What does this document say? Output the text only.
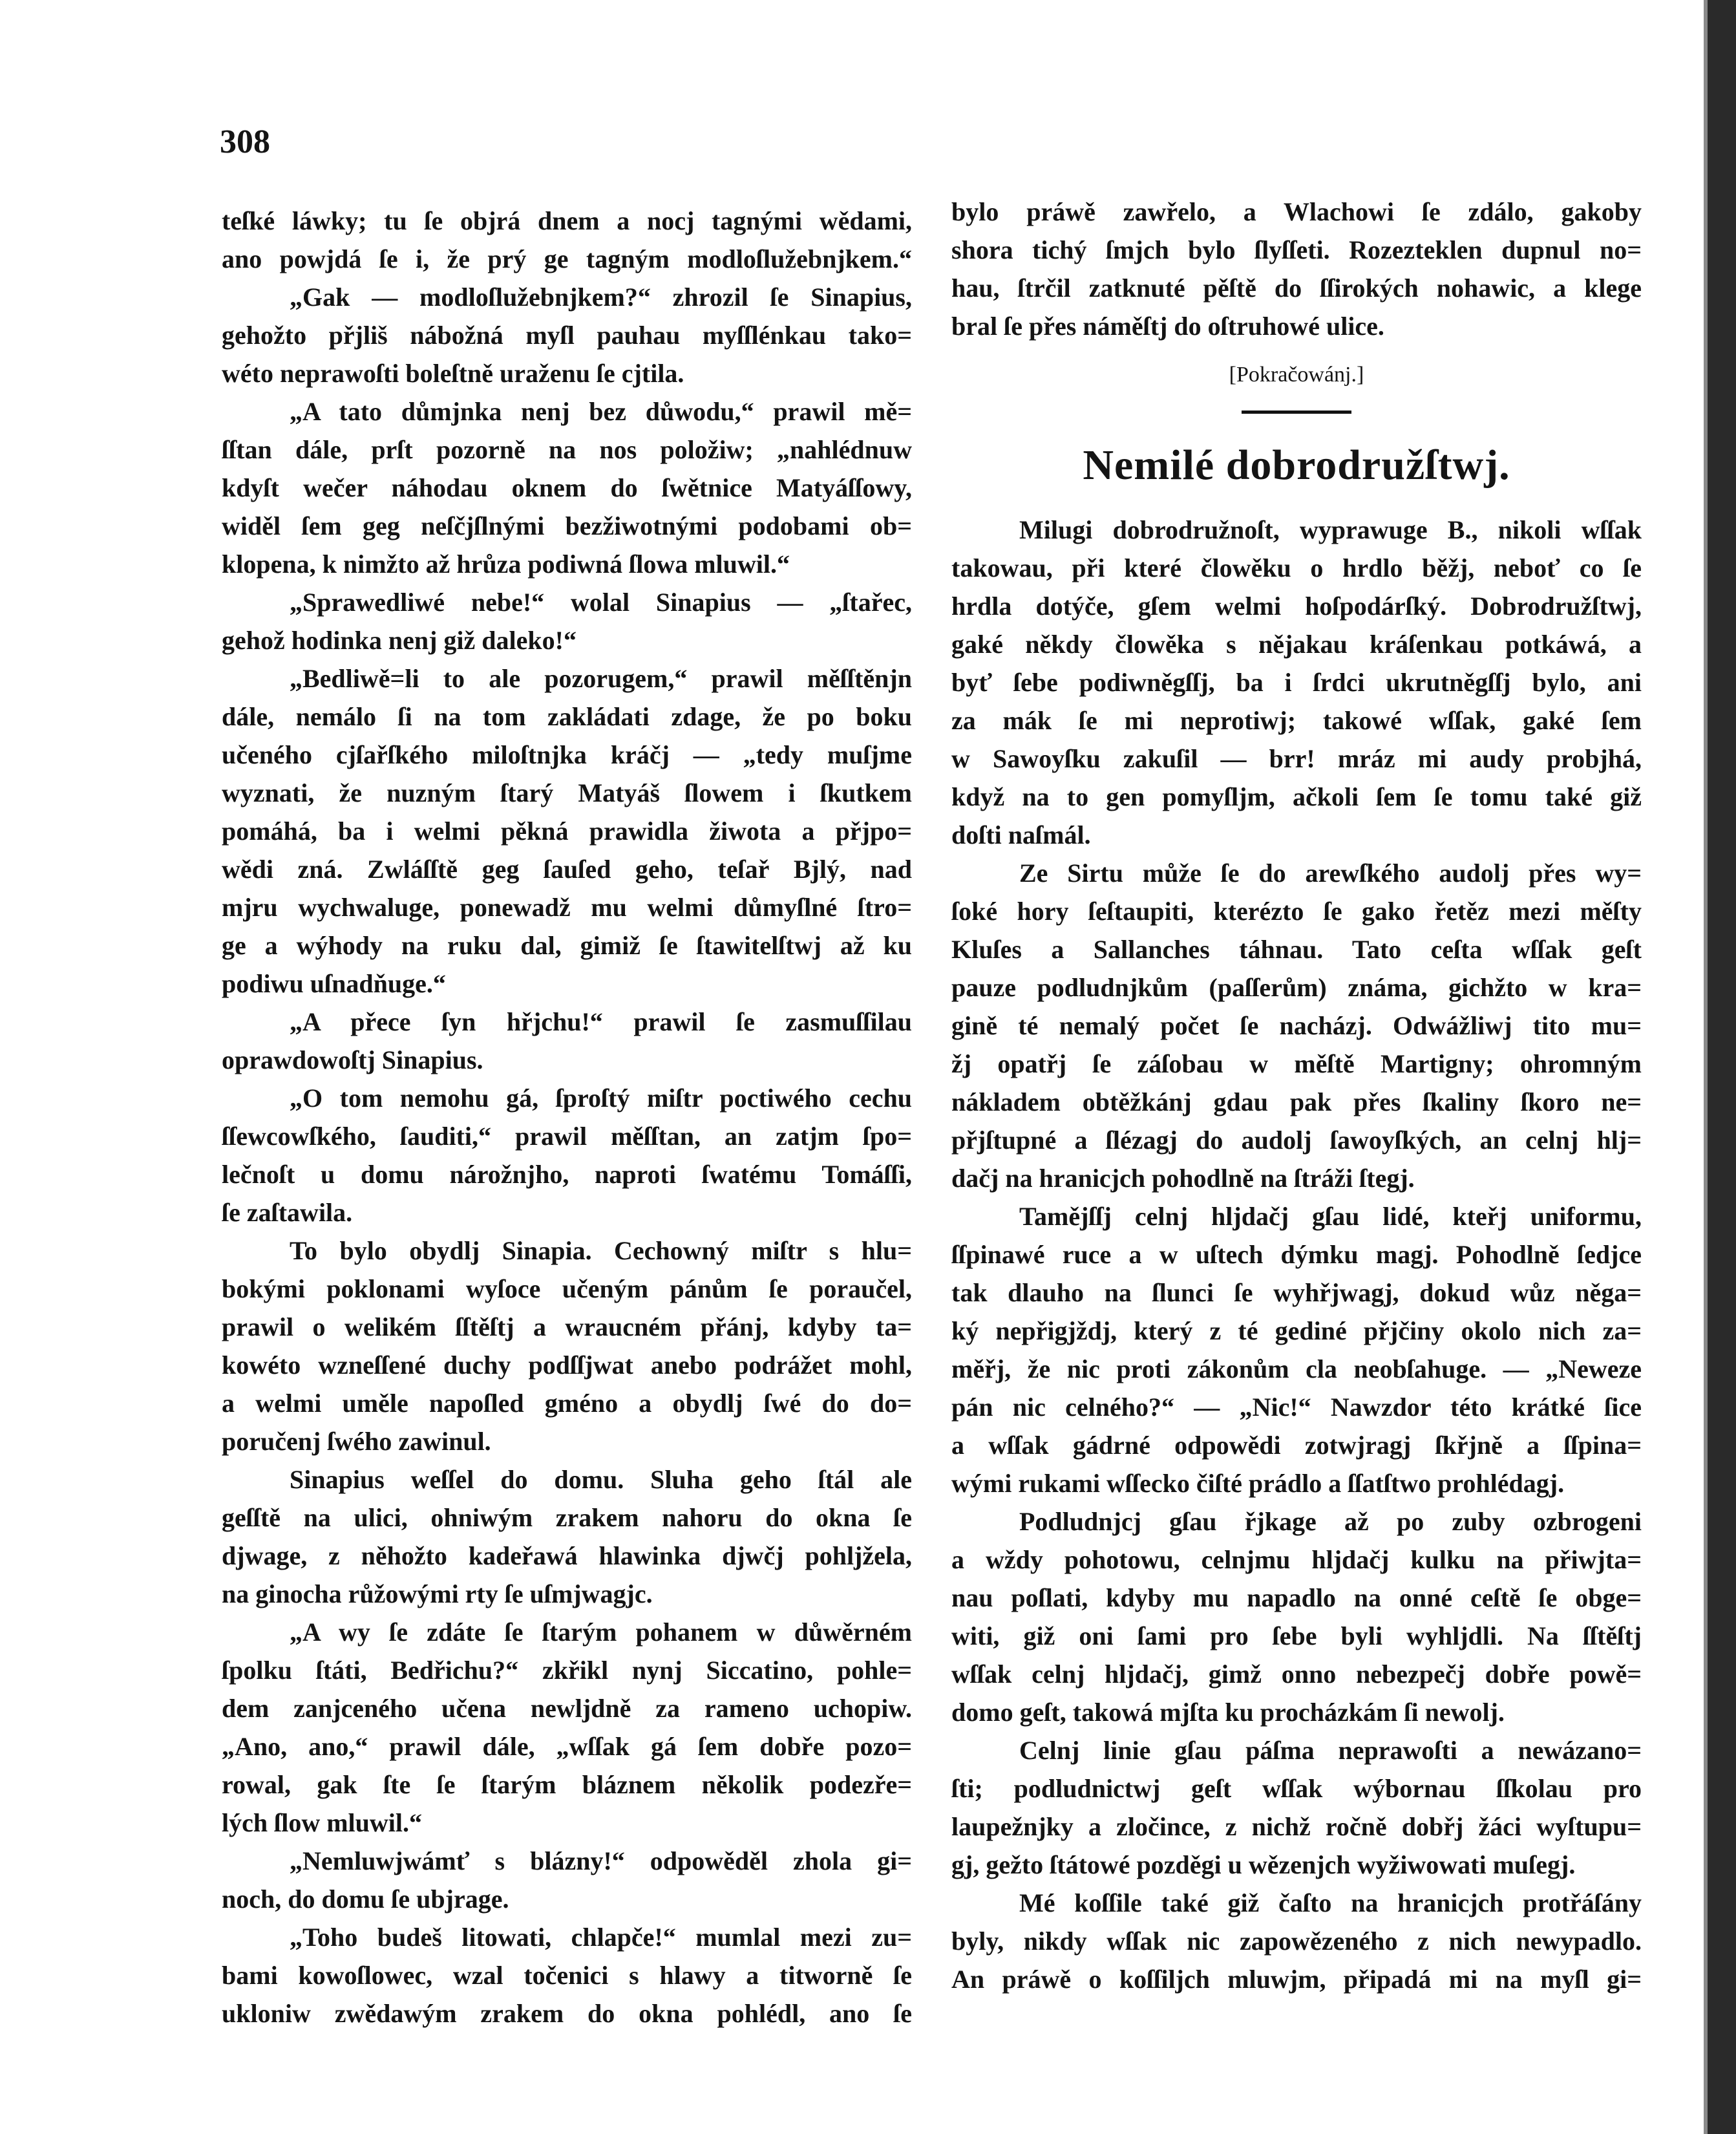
308
teſké láwky; tu ſe objrá dnem a nocj tagnými wědami,
ano powjdá ſe i, že prý ge tagným modloſlužebnjkem.“
„Gak — modloſlužebnjkem?“ zhrozil ſe Sinapius,
gehožto přjliš nábožná myſl pauhau myſſlénkau tako=
wéto neprawoſti boleſtně uraženu ſe cjtila.
„A tato důmjnka nenj bez důwodu,“ prawil mě=
ſſtan dále, prſt pozorně na nos položiw; „nahlédnuw
kdyſt wečer náhodau oknem do ſwětnice Matyáſſowy,
widěl ſem geg neſčjſlnými bezžiwotnými podobami ob=
klopena, k nimžto až hrůza podiwná ſlowa mluwil.“
„Sprawedliwé nebe!“ wolal Sinapius — „ſtařec,
gehož hodinka nenj giž daleko!“
„Bedliwě=li to ale pozorugem,“ prawil měſſtěnjn
dále, nemálo ſi na tom zakládati zdage, že po boku
učeného cjſařſkého miloſtnjka kráčj — „tedy muſjme
wyznati, že nuzným ſtarý Matyáš ſlowem i ſkutkem
pomáhá, ba i welmi pěkná prawidla žiwota a přjpo=
wědi zná. Zwláſſtě geg ſauſed geho, teſař Bjlý, nad
mjru wychwaluge, ponewadž mu welmi důmyſlné ſtro=
ge a wýhody na ruku dal, gimiž ſe ſtawitelſtwj až ku
podiwu uſnadňuge.“
„A přece ſyn hřjchu!“ prawil ſe zasmuſſilau
oprawdowoſtj Sinapius.
„O tom nemohu gá, ſproſtý miſtr poctiwého cechu
ſſewcowſkého, ſauditi,“ prawil měſſtan, an zatjm ſpo=
lečnoſt u domu nárožnjho, naproti ſwatému Tomáſſi,
ſe zaſtawila.
To bylo obydlj Sinapia. Cechowný miſtr s hlu=
bokými poklonami wyſoce učeným pánům ſe poraučel,
prawil o welikém ſſtěſtj a wraucném přánj, kdyby ta=
kowéto wzneſſené duchy podſſjwat anebo podrážet mohl,
a welmi uměle napoſled gméno a obydlj ſwé do do=
poručenj ſwého zawinul.
Sinapius weſſel do domu. Sluha geho ſtál ale
geſſtě na ulici, ohniwým zrakem nahoru do okna ſe
djwage, z něhožto kadeřawá hlawinka djwčj pohljžela,
na ginocha růžowými rty ſe uſmjwagjc.
„A wy ſe zdáte ſe ſtarým pohanem w důwěrném
ſpolku ſtáti, Bedřichu?“ zkřikl nynj Siccatino, pohle=
dem zanjceného učena newljdně za rameno uchopiw.
„Ano, ano,“ prawil dále, „wſſak gá ſem dobře pozo=
rowal, gak ſte ſe ſtarým bláznem několik podezře=
lých ſlow mluwil.“
„Nemluwjwámť s blázny!“ odpowěděl zhola gi=
noch, do domu ſe ubjrage.
„Toho budeš litowati, chlapče!“ mumlal mezi zu=
bami kowoſlowec, wzal točenici s hlawy a titworně ſe
ukloniw zwědawým zrakem do okna pohlédl, ano ſe
bylo práwě zawřelo, a Wlachowi ſe zdálo, gakoby
shora tichý ſmjch bylo ſlyſſeti. Rozezteklen dupnul no=
hau, ſtrčil zatknuté pěſtě do ſſirokých nohawic, a klege
bral ſe přes náměſtj do oſtruhowé ulice.
[Pokračowánj.]
Nemilé dobrodružſtwj.
Milugi dobrodružnoſt, wyprawuge B., nikoli wſſak
takowau, při které člowěku o hrdlo běžj, neboť co ſe
hrdla dotýče, gſem welmi hoſpodárſký. Dobrodružſtwj,
gaké někdy člowěka s nějakau kráſenkau potkáwá, a
byť ſebe podiwněgſſj, ba i ſrdci ukrutněgſſj bylo, ani
za mák ſe mi neprotiwj; takowé wſſak, gaké ſem
w Sawoyſku zakuſil — brr! mráz mi audy probjhá,
když na to gen pomyſljm, ačkoli ſem ſe tomu také giž
doſti naſmál.
Ze Sirtu může ſe do arewſkého audolj přes wy=
ſoké hory ſeſtaupiti, kterézto ſe gako řetěz mezi měſty
Kluſes a Sallanches táhnau. Tato ceſta wſſak geſt
pauze podludnjkům (paſſerům) známa, gichžto w kra=
gině té nemalý počet ſe nacházj. Odwážliwj tito mu=
žj opatřj ſe záſobau w měſtě Martigny; ohromným
nákladem obtěžkánj gdau pak přes ſkaliny ſkoro ne=
přjſtupné a ſlézagj do audolj ſawoyſkých, an celnj hlj=
dačj na hranicjch pohodlně na ſtráži ſtegj.
Tamějſſj celnj hljdačj gſau lidé, kteřj uniformu,
ſſpinawé ruce a w uſtech dýmku magj. Pohodlně ſedjce
tak dlauho na ſlunci ſe wyhřjwagj, dokud wůz něga=
ký nepřigjždj, který z té gediné přjčiny okolo nich za=
měřj, že nic proti zákonům cla neobſahuge. — „Neweze
pán nic celného?“ — „Nic!“ Nawzdor této krátké ſice
a wſſak gádrné odpowědi zotwjragj ſkřjně a ſſpina=
wými rukami wſſecko čiſté prádlo a ſſatſtwo prohlédagj.
Podludnjcj gſau řjkage až po zuby ozbrogeni
a wždy pohotowu, celnjmu hljdačj kulku na přiwjta=
nau poſlati, kdyby mu napadlo na onné ceſtě ſe obge=
witi, giž oni ſami pro ſebe byli wyhljdli. Na ſſtěſtj
wſſak celnj hljdačj, gimž onno nebezpečj dobře powě=
domo geſt, takowá mjſta ku procházkám ſi newolj.
Celnj linie gſau páſma neprawoſti a newázano=
ſti; podludnictwj geſt wſſak wýbornau ſſkolau pro
laupežnjky a zločince, z nichž ročně dobřj žáci wyſtupu=
gj, gežto ſtátowé pozděgi u wězenjch wyžiwowati muſegj.
Mé koſſile také giž čaſto na hranicjch protřáſány
byly, nikdy wſſak nic zapowězeného z nich newypadlo.
An práwě o koſſiljch mluwjm, připadá mi na myſl gi=
